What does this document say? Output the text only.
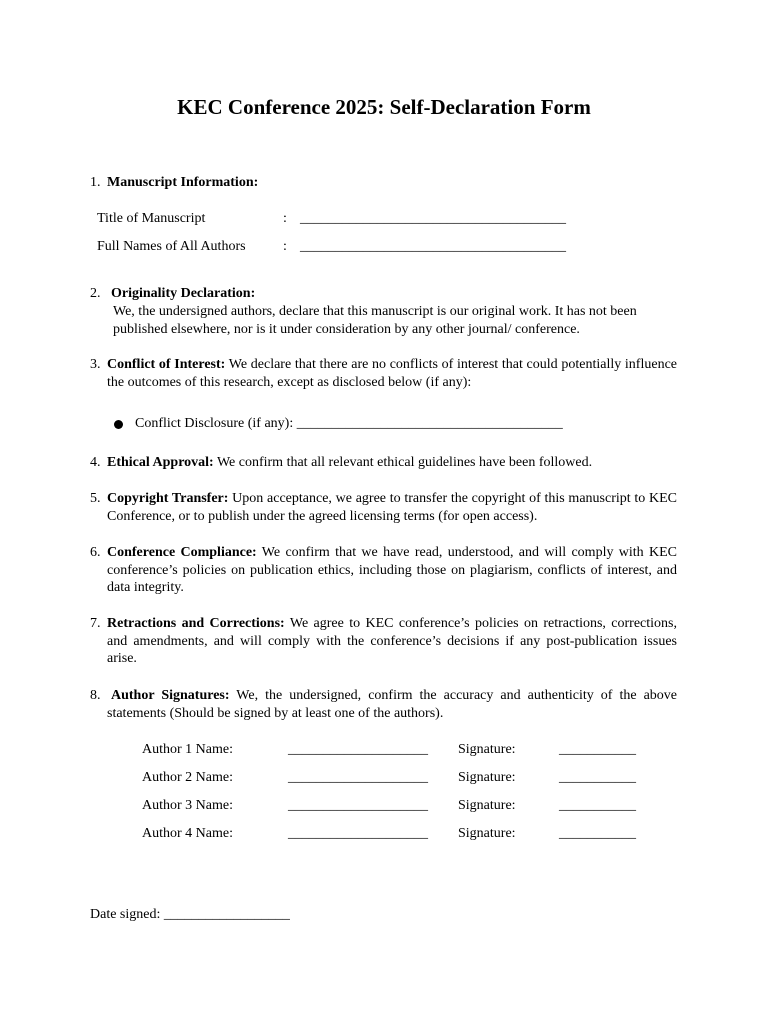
KEC Conference 2025: Self-Declaration Form
1. Manuscript Information:
Title of Manuscript	: ______________________________________
Full Names of All Authors	: ______________________________________
2. Originality Declaration:
We, the undersigned authors, declare that this manuscript is our original work. It has not been published elsewhere, nor is it under consideration by any other journal/ conference.
3. Conflict of Interest: We declare that there are no conflicts of interest that could potentially influence the outcomes of this research, except as disclosed below (if any):
Conflict Disclosure (if any): ______________________________________
4. Ethical Approval: We confirm that all relevant ethical guidelines have been followed.
5. Copyright Transfer: Upon acceptance, we agree to transfer the copyright of this manuscript to KEC Conference, or to publish under the agreed licensing terms (for open access).
6. Conference Compliance: We confirm that we have read, understood, and will comply with KEC conference’s policies on publication ethics, including those on plagiarism, conflicts of interest, and data integrity.
7. Retractions and Corrections: We agree to KEC conference’s policies on retractions, corrections, and amendments, and will comply with the conference’s decisions if any post-publication issues arise.
8. Author Signatures: We, the undersigned, confirm the accuracy and authenticity of the above statements (Should be signed by at least one of the authors).
Author 1 Name:	____________________ Signature:	___________
Author 2 Name:	____________________ Signature:	___________
Author 3 Name:	____________________ Signature:	___________
Author 4 Name:	____________________ Signature:	___________
Date signed: __________________
